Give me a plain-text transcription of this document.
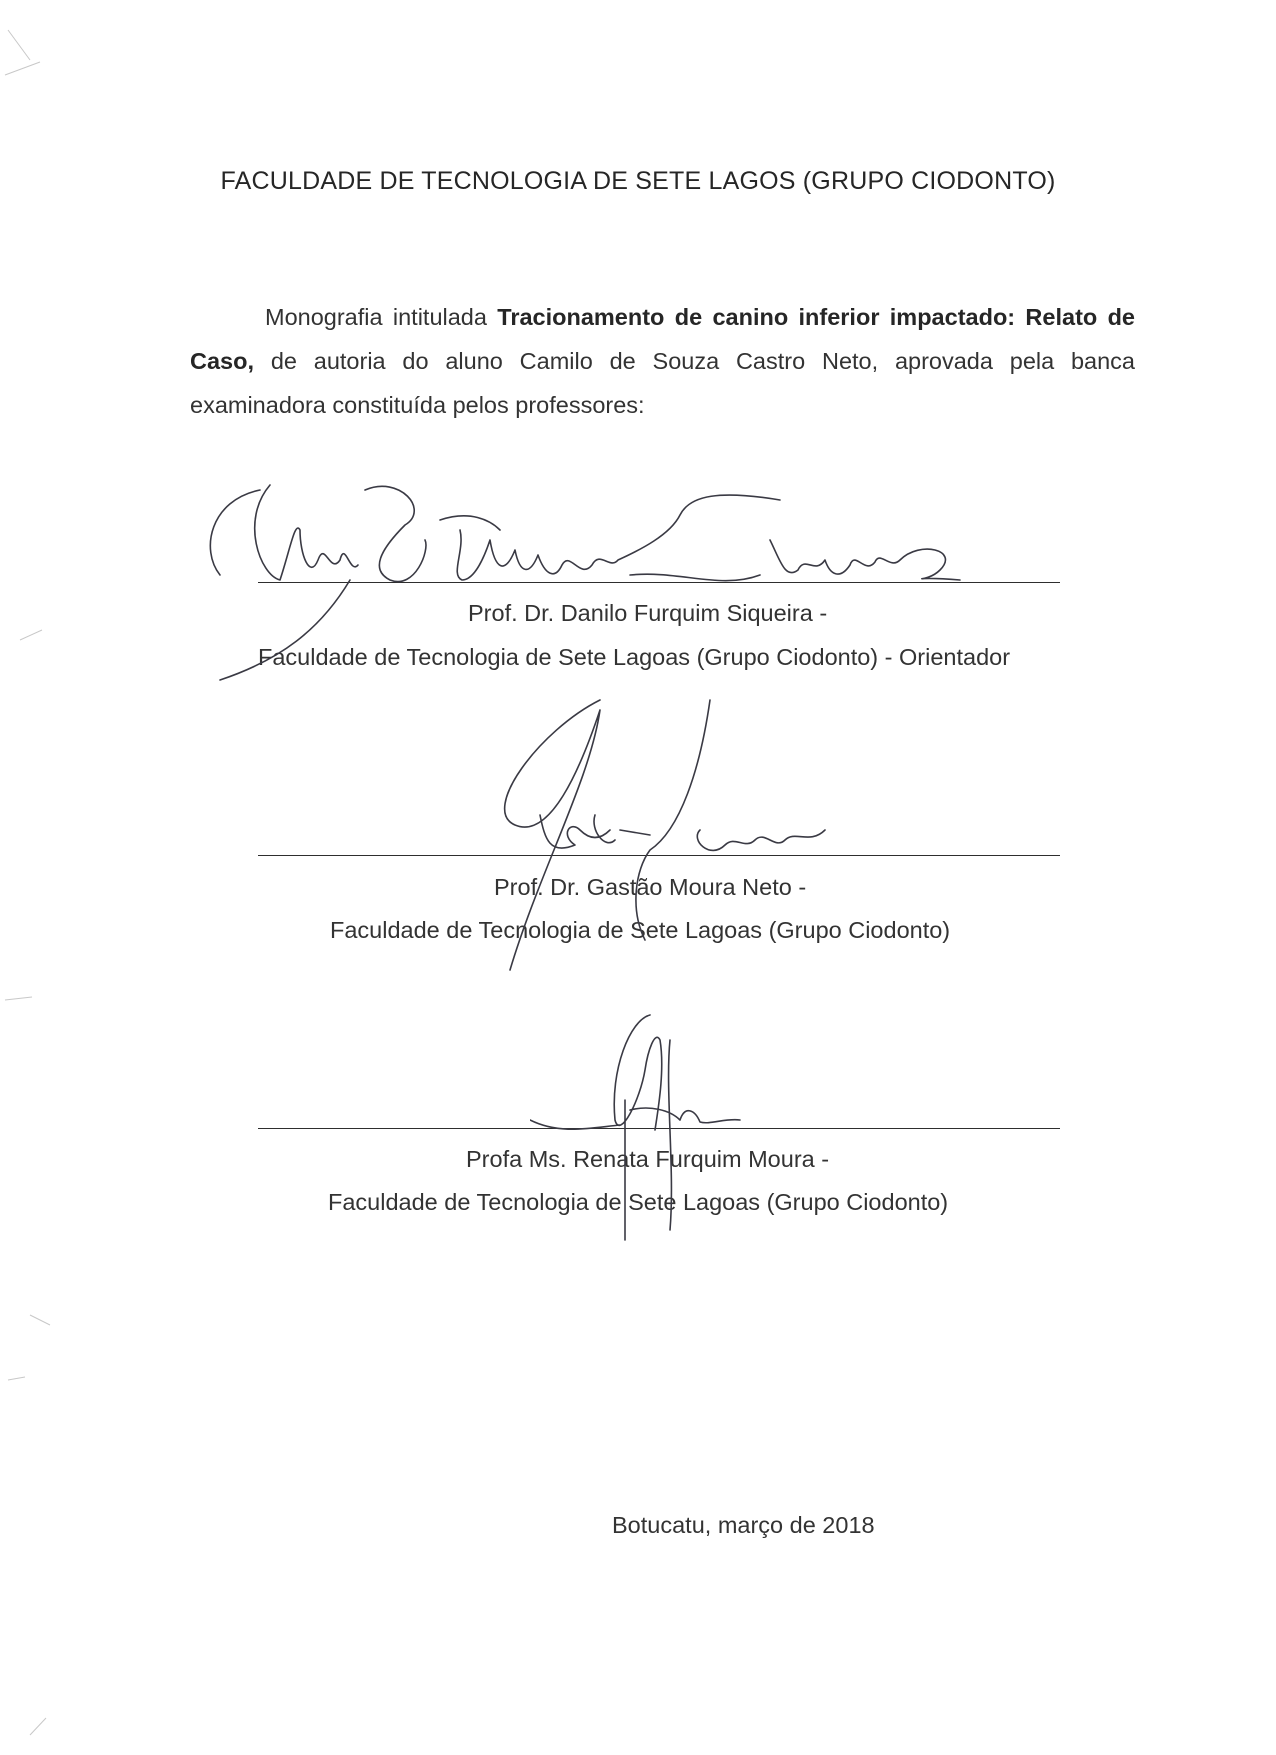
FACULDADE DE TECNOLOGIA DE SETE LAGOS (GRUPO CIODONTO)
Monografia intitulada Tracionamento de canino inferior impactado: Relato de Caso, de autoria do aluno Camilo de Souza Castro Neto, aprovada pela banca examinadora constituída pelos professores:
Prof. Dr. Danilo Furquim Siqueira -
Faculdade de Tecnologia de Sete Lagoas (Grupo Ciodonto) - Orientador
Prof. Dr. Gastão Moura Neto -
Faculdade de Tecnologia de Sete Lagoas (Grupo Ciodonto)
Profa Ms. Renata Furquim Moura -
Faculdade de Tecnologia de Sete Lagoas (Grupo Ciodonto)
Botucatu, março de 2018
